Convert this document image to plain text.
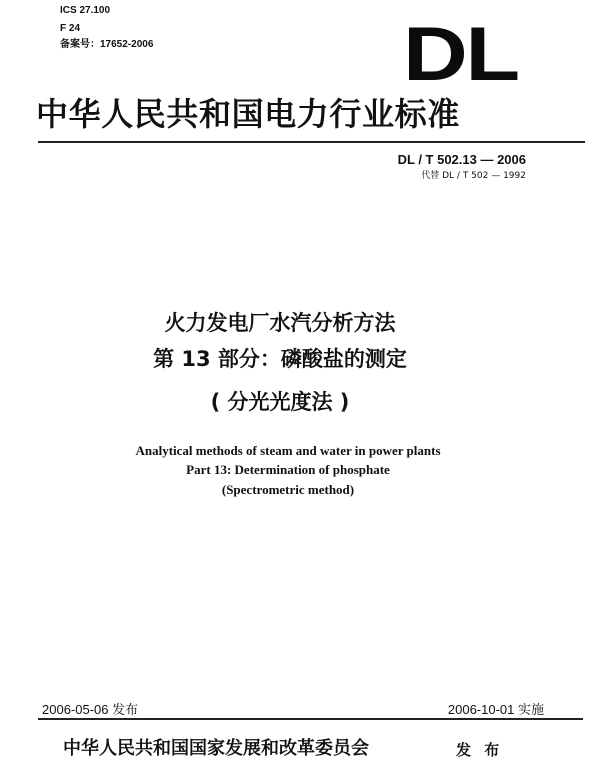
ICS 27.100
F 24
备案号：17652-2006	DL
中华人民共和国电力行业标准
DL / T 502.13 — 2006
代替 DL / T 502 — 1992
火力发电厂水汽分析方法
第 13 部分：磷酸盐的测定
( 分光光度法 )
Analytical methods of steam and water in power plants
Part 13: Determination of phosphate
(Spectrometric method)
2006-05-06 发布	2006-10-01 实施
中华人民共和国国家发展和改革委员会	发 布
